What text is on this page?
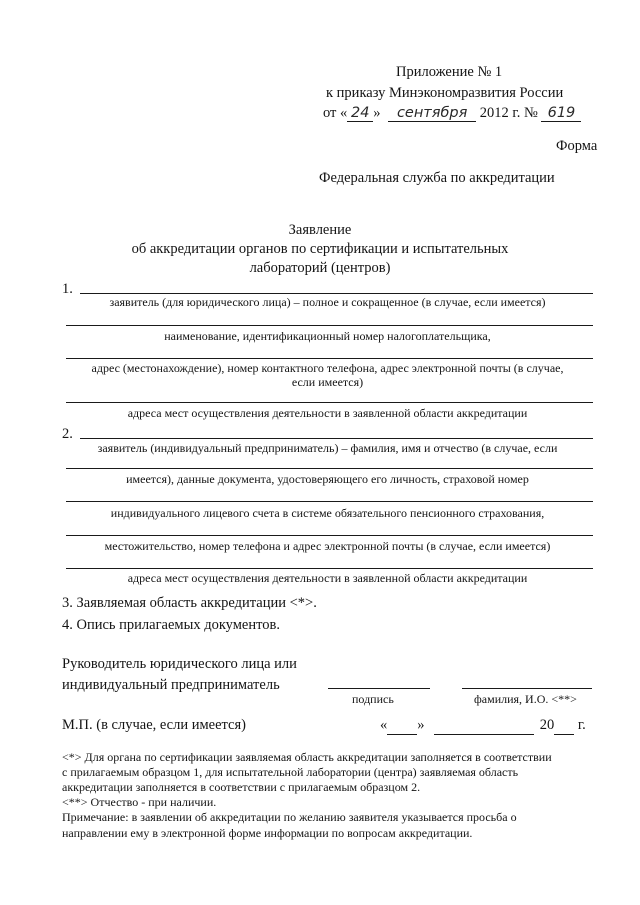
Приложение № 1
к приказу Минэкономразвития России
от « 24 » сентября 2012 г. № 619
Форма
Федеральная служба по аккредитации
Заявление
об аккредитации органов по сертификации и испытательных
лабораторий (центров)
1.
заявитель (для юридического лица) – полное и сокращенное (в случае, если имеется)
наименование, идентификационный номер налогоплательщика,
адрес (местонахождение), номер контактного телефона, адрес электронной почты (в случае,
если имеется)
адреса мест осуществления деятельности в заявленной области аккредитации
2.
заявитель (индивидуальный предприниматель) – фамилия, имя и отчество (в случае, если
имеется), данные документа, удостоверяющего его личность, страховой номер
индивидуального лицевого счета в системе обязательного пенсионного страхования,
местожительство, номер телефона и адрес электронной почты (в случае, если имеется)
адреса мест осуществления деятельности в заявленной области аккредитации
3. Заявляемая область аккредитации <*>.
4. Опись прилагаемых документов.
Руководитель юридического лица или
индивидуальный предприниматель
подпись	фамилия, И.О. <**>
М.П. (в случае, если имеется)	« »	20 г.
<*> Для органа по сертификации заявляемая область аккредитации заполняется в соответствии
с прилагаемым образцом 1, для испытательной лаборатории (центра) заявляемая область
аккредитации заполняется в соответствии с прилагаемым образцом 2.
<**> Отчество - при наличии.
Примечание: в заявлении об аккредитации по желанию заявителя указывается просьба о
направлении ему в электронной форме информации по вопросам аккредитации.
